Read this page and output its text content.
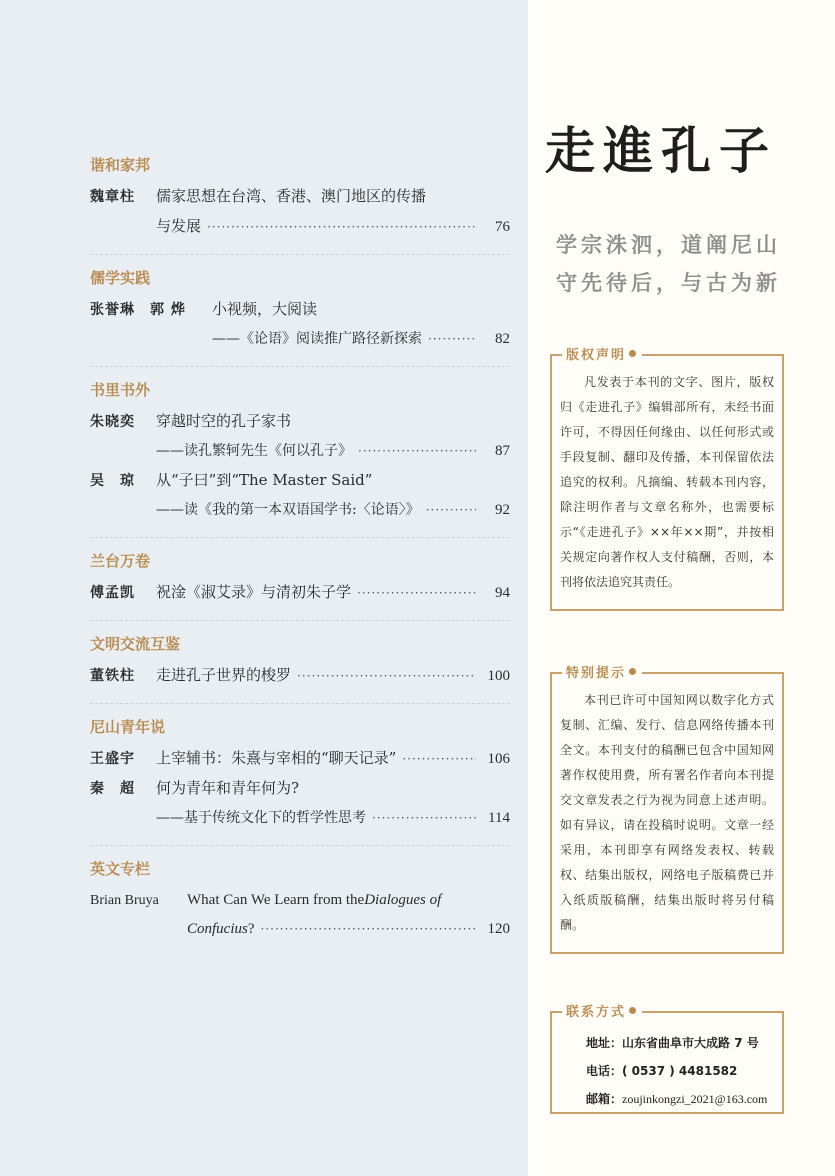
谐和家邦
魏章柱	儒家思想在台湾、香港、澳门地区的传播
与发展 ·····	76
儒学实践
张誉琳　郭 烨	小视频，大阅读
——《论语》阅读推广路径新探索 ·····	82
书里书外
朱晓奕	穿越时空的孔子家书
——读孔繁轲先生《何以孔子》 ·····	87
吴　琼	从“子曰”到“The Master Said”
——读《我的第一本双语国学书:〈论语〉》 ·····	92
兰台万卷
傅孟凯	祝淦《淑艾录》与清初朱子学 ·····	94
文明交流互鉴
董铁柱	走进孔子世界的梭罗 ·····	100
尼山青年说
王盛宇	上宰辅书：朱熹与宰相的“聊天记录” ·····	106
秦　超	何为青年和青年何为?
——基于传统文化下的哲学性思考 ·····	114
英文专栏
Brian Bruya	What Can We Learn from the Dialogues of
Confucius ? ·····	120
走進孔子
学宗洙泗，道阐尼山
守先待后，与古为新
版权声明
凡发表于本刊的文字、图片，版权归《走进孔子》编辑部所有，未经书面许可，不得因任何缘由、以任何形式或手段复制、翻印及传播，本刊保留依法追究的权利。凡摘编、转载本刊内容，除注明作者与文章名称外，也需要标示“《走进孔子》××年××期”，并按相关规定向著作权人支付稿酬，否则，本刊将依法追究其责任。
特别提示
本刊已许可中国知网以数字化方式复制、汇编、发行、信息网络传播本刊全文。本刊支付的稿酬已包含中国知网著作权使用费，所有署名作者向本刊提交文章发表之行为视为同意上述声明。如有异议，请在投稿时说明。文章一经采用，本刊即享有网络发表权、转载权、结集出版权，网络电子版稿费已并入纸质版稿酬，结集出版时将另付稿酬。
联系方式
地址：山东省曲阜市大成路 7 号
电话：( 0537 ) 4481582
邮箱：zoujinkongzi_2021@163.com
